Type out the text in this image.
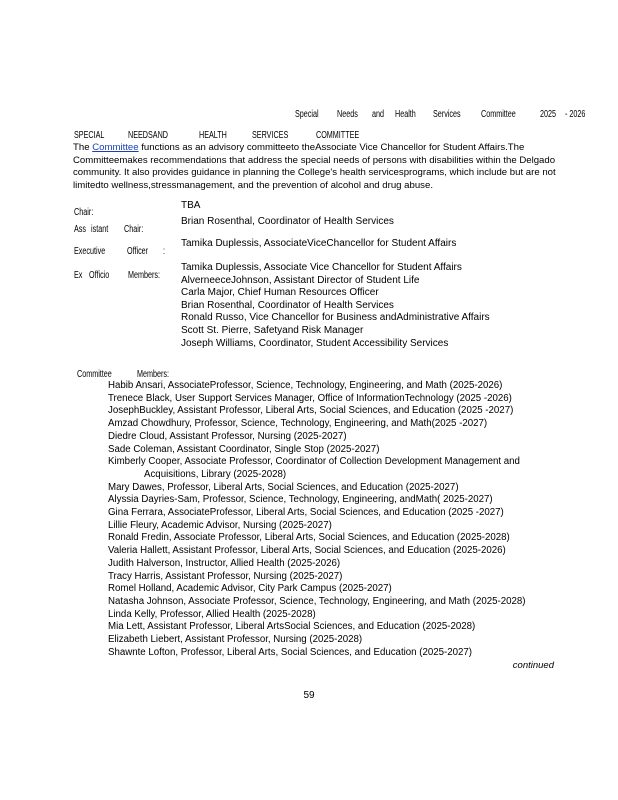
Special	Needs	and	Health	Services	Committee	2025 - 2026
SPECIAL	NEEDSAND	HEALTH	SERVICES	COMMITTEE
The Committee functions as an advisory committeeto theAssociate Vice Chancellor for Student Affairs.The Committeemakes recommendations that address the special needs of persons with disabilities within the Delgado community. It also provides guidance in planning the College's health servicesprograms, which include but are not limitedto wellness,stressmanagement, and the prevention of alcohol and drug abuse.
Chair:
TBA
Ass istant	Chair:
Brian Rosenthal, Coordinator of Health Services
Executive	Officer	:
Tamika Duplessis, AssociateViceChancellor for Student Affairs
Ex Officio	Members:
Tamika Duplessis, Associate Vice Chancellor for Student Affairs
AlverneeceJohnson, Assistant Director of Student Life
Carla Major, Chief Human Resources Officer
Brian Rosenthal, Coordinator of Health Services
Ronald Russo, Vice Chancellor for Business andAdministrative Affairs
Scott St. Pierre, Safetyand Risk Manager
Joseph Williams, Coordinator, Student Accessibility Services
Committee	Members:
Habib Ansari, AssociateProfessor, Science, Technology, Engineering, and Math (2025-2026)
Trenece Black, User Support Services Manager, Office of InformationTechnology (2025 -2026)
JosephBuckley, Assistant Professor, Liberal Arts, Social Sciences, and Education (2025 -2027)
Amzad Chowdhury, Professor, Science, Technology, Engineering, and Math(2025 -2027)
Diedre Cloud, Assistant Professor, Nursing (2025-2027)
Sade Coleman, Assistant Coordinator, Single Stop (2025-2027)
Kimberly Cooper, Associate Professor, Coordinator of Collection Development Management and
Acquisitions, Library (2025-2028)
Mary Dawes, Professor, Liberal Arts, Social Sciences, and Education (2025-2027)
Alyssia Dayries-Sam, Professor, Science, Technology, Engineering, andMath( 2025-2027)
Gina Ferrara, AssociateProfessor, Liberal Arts, Social Sciences, and Education (2025 -2027)
Lillie Fleury, Academic Advisor, Nursing (2025-2027)
Ronald Fredin, Associate Professor, Liberal Arts, Social Sciences, and Education (2025-2028)
Valeria Hallett, Assistant Professor, Liberal Arts, Social Sciences, and Education (2025-2026)
Judith Halverson, Instructor, Allied Health (2025-2026)
Tracy Harris, Assistant Professor, Nursing (2025-2027)
Romel Holland, Academic Advisor, City Park Campus (2025-2027)
Natasha Johnson, Associate Professor, Science, Technology, Engineering, and Math (2025-2028)
Linda Kelly, Professor, Allied Health (2025-2028)
Mia Lett, Assistant Professor, Liberal ArtsSocial Sciences, and Education (2025-2028)
Elizabeth Liebert, Assistant Professor, Nursing (2025-2028)
Shawnte Lofton, Professor, Liberal Arts, Social Sciences, and Education (2025-2027)
continued
59
